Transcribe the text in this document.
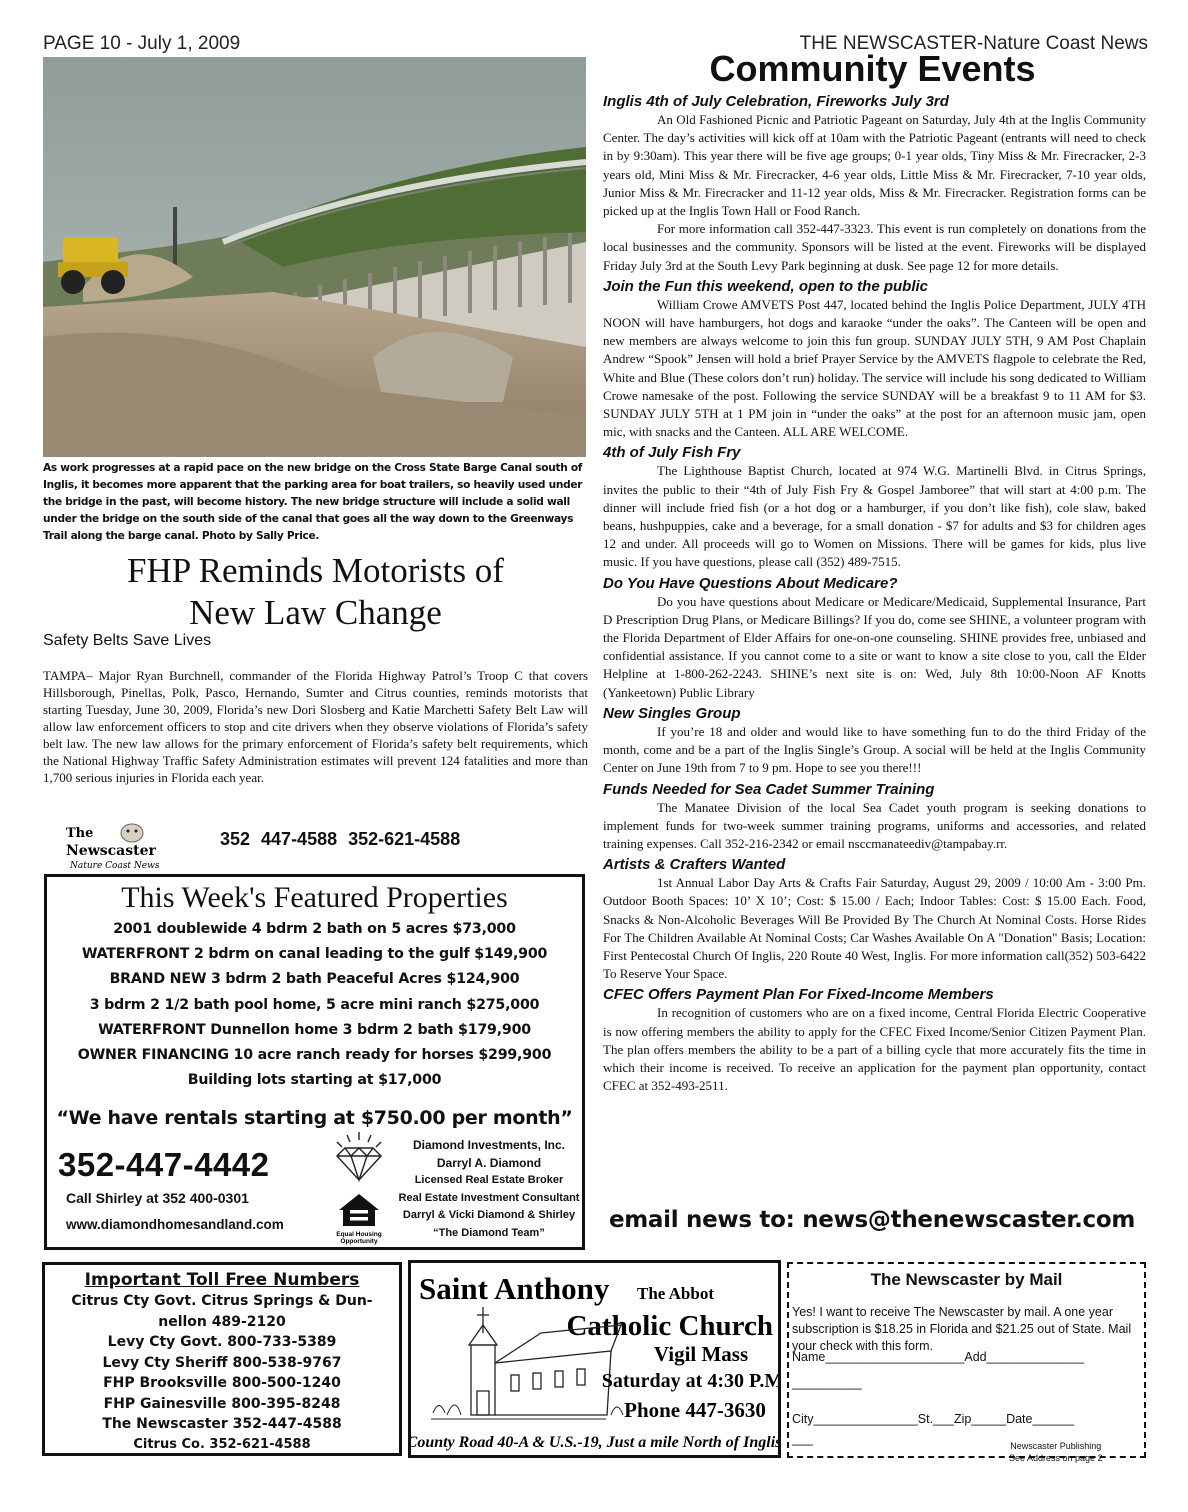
PAGE 10 - July 1, 2009	THE NEWSCASTER-Nature Coast News
As work progresses at a rapid pace on the new bridge on the Cross State Barge Canal south of Inglis, it becomes more apparent that the parking area for boat trailers, so heavily used under the bridge in the past, will become history. The new bridge structure will include a solid wall under the bridge on the south side of the canal that goes all the way down to the Greenways Trail along the barge canal. Photo by Sally Price.
FHP Reminds Motorists of
New Law Change
Safety Belts Save Lives
TAMPA– Major Ryan Burchnell, commander of the Florida Highway Patrol’s Troop C that covers Hillsborough, Pinellas, Polk, Pasco, Hernando, Sumter and Citrus counties, reminds motorists that starting Tuesday, June 30, 2009, Florida’s new Dori Slosberg and Katie Marchetti Safety Belt Law will allow law enforcement officers to stop and cite drivers when they observe violations of Florida’s safety belt law. The new law allows for the primary enforcement of Florida’s safety belt requirements, which the National Highway Traffic Safety Administration estimates will prevent 124 fatalities and more than 1,700 serious injuries in Florida each year.
The
Newscaster
Nature Coast News
352 447-4588 352-621-4588
This Week's Featured Properties
2001 doublewide 4 bdrm 2 bath on 5 acres $73,000
WATERFRONT 2 bdrm on canal leading to the gulf $149,900
BRAND NEW 3 bdrm 2 bath Peaceful Acres $124,900
3 bdrm 2 1/2 bath pool home, 5 acre mini ranch $275,000
WATERFRONT Dunnellon home 3 bdrm 2 bath $179,900
OWNER FINANCING 10 acre ranch ready for horses $299,900
Building lots starting at $17,000
“We have rentals starting at $750.00 per month”
352-447-4442
Call Shirley at 352 400-0301
www.diamondhomesandland.com
Equal Housing
Opportunity
Diamond Investments, Inc.
Darryl A. Diamond
Licensed Real Estate Broker
Real Estate Investment Consultant
Darryl & Vicki Diamond & Shirley
“The Diamond Team”
Community Events
Inglis 4th of July Celebration, Fireworks July 3rd

An Old Fashioned Picnic and Patriotic Pageant on Saturday, July 4th at the Inglis Community Center. The day’s activities will kick off at 10am with the Patriotic Pageant (entrants will need to check in by 9:30am). This year there will be five age groups; 0-1 year olds, Tiny Miss & Mr. Firecracker, 2-3 years old, Mini Miss & Mr. Firecracker, 4-6 year olds, Little Miss & Mr. Firecracker, 7-10 year olds, Junior Miss & Mr. Firecracker and 11-12 year olds, Miss & Mr. Firecracker. Registration forms can be picked up at the Inglis Town Hall or Food Ranch.

For more information call 352-447-3323. This event is run completely on donations from the local businesses and the community. Sponsors will be listed at the event. Fireworks will be displayed Friday July 3rd at the South Levy Park beginning at dusk. See page 12 for more details.

Join the Fun this weekend, open to the public

William Crowe AMVETS Post 447, located behind the Inglis Police Department, JULY 4TH NOON will have hamburgers, hot dogs and karaoke “under the oaks”. The Canteen will be open and new members are always welcome to join this fun group. SUNDAY JULY 5TH, 9 AM Post Chaplain Andrew “Spook” Jensen will hold a brief Prayer Service by the AMVETS flagpole to celebrate the Red, White and Blue (These colors don’t run) holiday. The service will include his song dedicated to William Crowe namesake of the post. Following the service SUNDAY will be a breakfast 9 to 11 AM for $3. SUNDAY JULY 5TH at 1 PM join in “under the oaks” at the post for an afternoon music jam, open mic, with snacks and the Canteen. ALL ARE WELCOME.

4th of July Fish Fry

The Lighthouse Baptist Church, located at 974 W.G. Martinelli Blvd. in Citrus Springs, invites the public to their “4th of July Fish Fry & Gospel Jamboree” that will start at 4:00 p.m. The dinner will include fried fish (or a hot dog or a hamburger, if you don’t like fish), cole slaw, baked beans, hushpuppies, cake and a beverage, for a small donation - $7 for adults and $3 for children ages 12 and under. All proceeds will go to Women on Missions. There will be games for kids, plus live music. If you have questions, please call (352) 489-7515.

Do You Have Questions About Medicare?

Do you have questions about Medicare or Medicare/Medicaid, Supplemental Insurance, Part D Prescription Drug Plans, or Medicare Billings? If you do, come see SHINE, a volunteer program with the Florida Department of Elder Affairs for one-on-one counseling. SHINE provides free, unbiased and confidential assistance. If you cannot come to a site or want to know a site close to you, call the Elder Helpline at 1-800-262-2243. SHINE’s next site is on: Wed, July 8th 10:00-Noon AF Knotts (Yankeetown) Public Library

New Singles Group

If you’re 18 and older and would like to have something fun to do the third Friday of the month, come and be a part of the Inglis Single’s Group. A social will be held at the Inglis Community Center on June 19th from 7 to 9 pm. Hope to see you there!!!

Funds Needed for Sea Cadet Summer Training

The Manatee Division of the local Sea Cadet youth program is seeking donations to implement funds for two-week summer training programs, uniforms and accessories, and related training expenses. Call 352-216-2342 or email nsccmanateediv@tampabay.rr.

Artists & Crafters Wanted

1st Annual Labor Day Arts & Crafts Fair Saturday, August 29, 2009 / 10:00 Am - 3:00 Pm. Outdoor Booth Spaces: 10’ X 10’; Cost: $ 15.00 / Each; Indoor Tables: Cost: $ 15.00 Each. Food, Snacks & Non-Alcoholic Beverages Will Be Provided By The Church At Nominal Costs. Horse Rides For The Children Available At Nominal Costs; Car Washes Available On A "Donation" Basis; Location: First Pentecostal Church Of Inglis, 220 Route 40 West, Inglis. For more information call(352) 503-6422 To Reserve Your Space.

CFEC Offers Payment Plan For Fixed-Income Members

In recognition of customers who are on a fixed income, Central Florida Electric Cooperative is now offering members the ability to apply for the CFEC Fixed Income/Senior Citizen Payment Plan. The plan offers members the ability to be a part of a billing cycle that more accurately fits the time in which their income is received. To receive an application for the payment plan opportunity, contact CFEC at 352-493-2511.

email news to: news@thenewscaster.com
Important Toll Free Numbers
Citrus Cty Govt. Citrus Springs & Dun-
nellon 489-2120
Levy Cty Govt. 800-733-5389
Levy Cty Sheriff 800-538-9767
FHP Brooksville 800-500-1240
FHP Gainesville 800-395-8248
The Newscaster 352-447-4588
Citrus Co. 352-621-4588
Saint Anthony The Abbot
Catholic Church
Vigil Mass
Saturday at 4:30 P.M.
Phone 447-3630
County Road 40-A & U.S.-19, Just a mile North of Inglis
The Newscaster by Mail
Yes! I want to receive The Newscaster by mail. A one year subscription is $18.25 in Florida and $21.25 out of State. Mail your check with this form.
Name____________________Add______________
__________
City_______________St.___Zip_____Date______
___	Newscaster Publishing
See Address on page 2
